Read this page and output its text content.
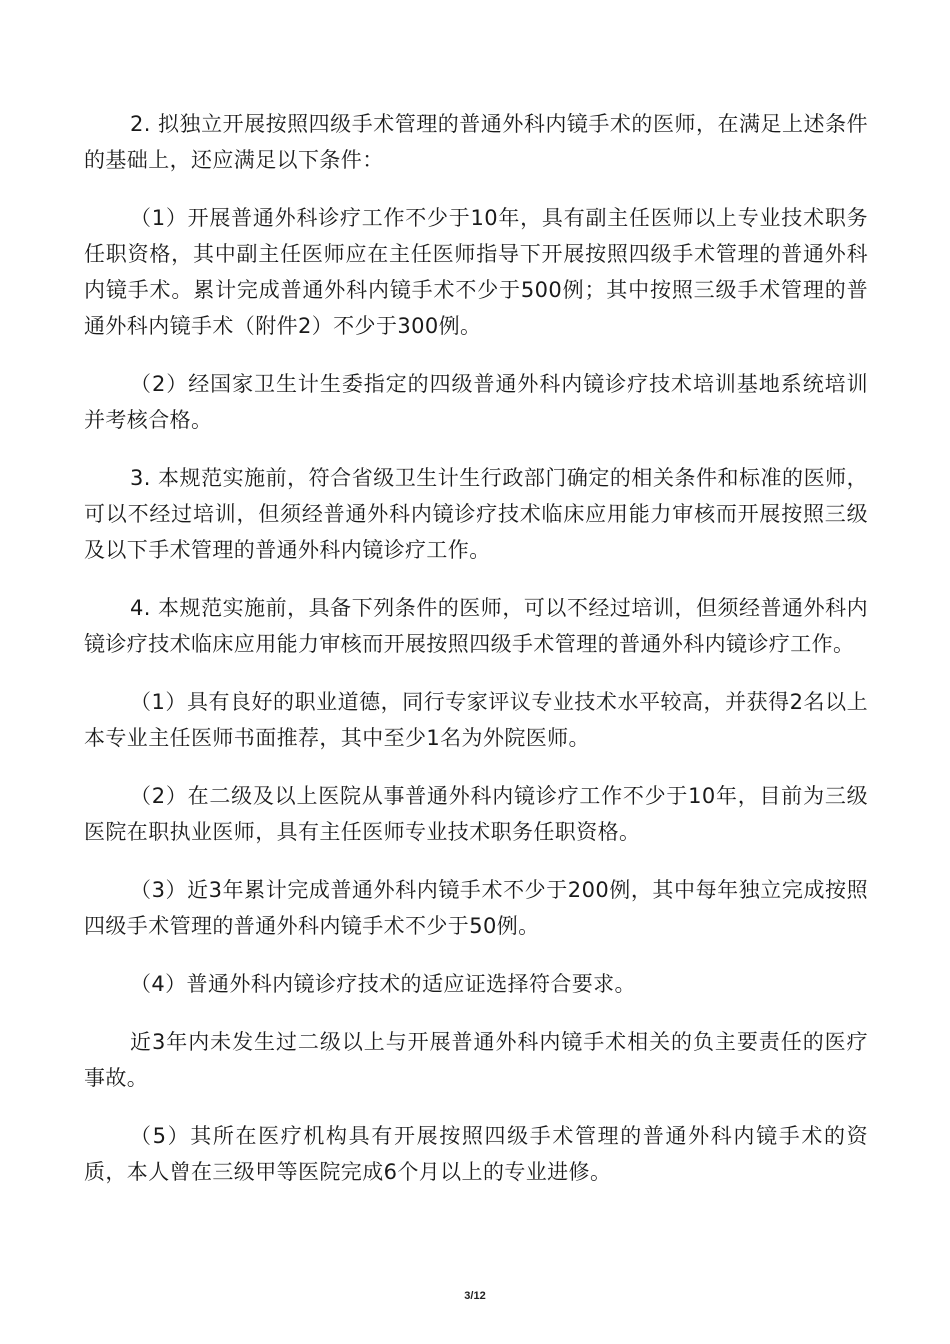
2. 拟独立开展按照四级手术管理的普通外科内镜手术的医师，在满足上述条件的基础上，还应满足以下条件：

（1）开展普通外科诊疗工作不少于10年，具有副主任医师以上专业技术职务任职资格，其中副主任医师应在主任医师指导下开展按照四级手术管理的普通外科内镜手术。累计完成普通外科内镜手术不少于500例；其中按照三级手术管理的普通外科内镜手术（附件2）不少于300例。

（2）经国家卫生计生委指定的四级普通外科内镜诊疗技术培训基地系统培训并考核合格。

3. 本规范实施前，符合省级卫生计生行政部门确定的相关条件和标准的医师，可以不经过培训，但须经普通外科内镜诊疗技术临床应用能力审核而开展按照三级及以下手术管理的普通外科内镜诊疗工作。

4. 本规范实施前，具备下列条件的医师，可以不经过培训，但须经普通外科内镜诊疗技术临床应用能力审核而开展按照四级手术管理的普通外科内镜诊疗工作。

（1）具有良好的职业道德，同行专家评议专业技术水平较高，并获得2名以上本专业主任医师书面推荐，其中至少1名为外院医师。

（2）在二级及以上医院从事普通外科内镜诊疗工作不少于10年，目前为三级医院在职执业医师，具有主任医师专业技术职务任职资格。

（3）近3年累计完成普通外科内镜手术不少于200例，其中每年独立完成按照四级手术管理的普通外科内镜手术不少于50例。

（4）普通外科内镜诊疗技术的适应证选择符合要求。

近3年内未发生过二级以上与开展普通外科内镜手术相关的负主要责任的医疗事故。

（5）其所在医疗机构具有开展按照四级手术管理的普通外科内镜手术的资质，本人曾在三级甲等医院完成6个月以上的专业进修。

3/12
